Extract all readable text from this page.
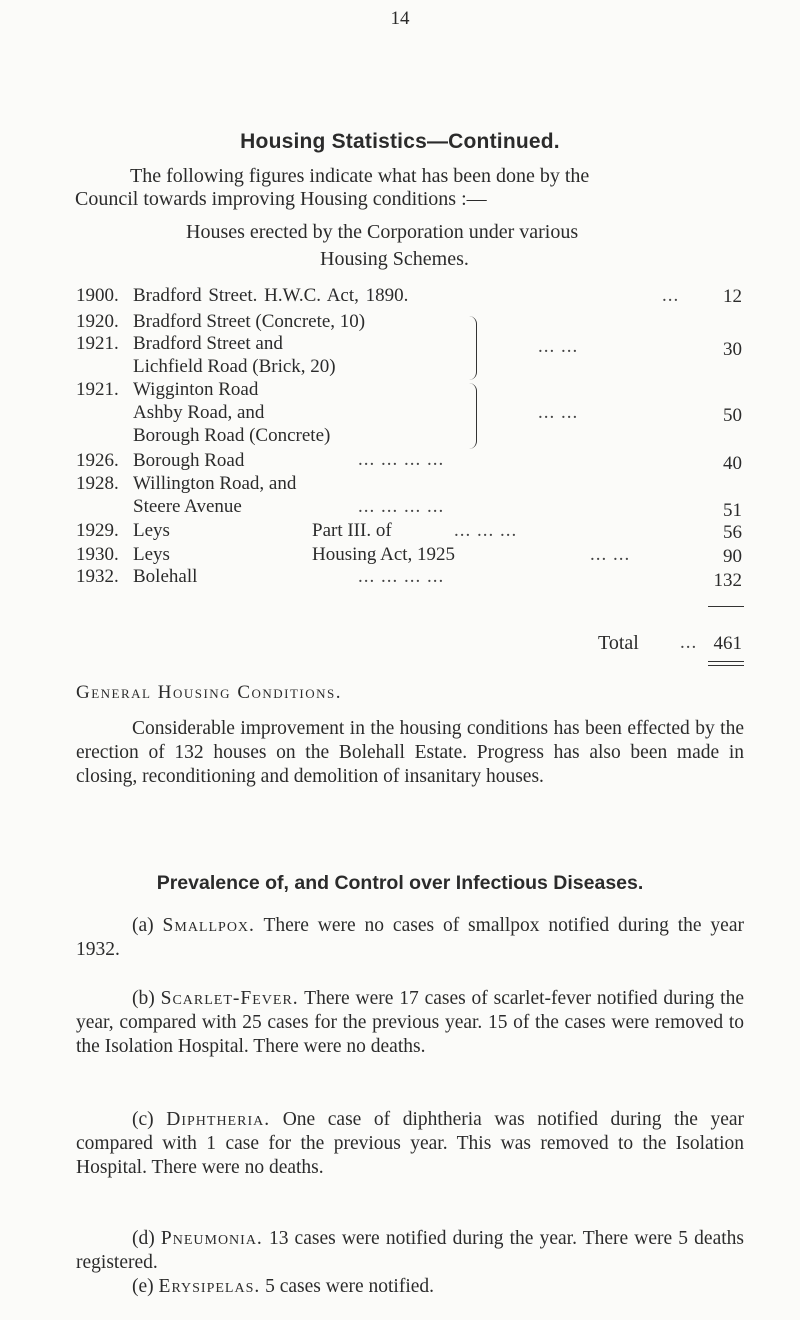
14
Housing Statistics—Continued.
The following figures indicate what has been done by the
Council towards improving Housing conditions :—
Houses erected by the Corporation under various
Housing Schemes.
1900. Bradford Street. H.W.C. Act, 1890.	...	12
1920. Bradford Street (Concrete, 10)
1921. Bradford Street and
Lichfield Road (Brick, 20)
... ...	30
1921. Wigginton Road
Ashby Road, and
Borough Road (Concrete)
... ...	50
1926. Borough Road	... ... ... ...	40
1928. Willington Road, and
Steere Avenue	... ... ... ...	51
1929. Leys	Part III. of	... ... ...	56
1930. Leys	Housing Act, 1925	... ...	90
1932. Bolehall	... ... ... ...	132
Total ... 461
General Housing Conditions.
Considerable improvement in the housing conditions has been effected by the erection of 132 houses on the Bolehall Estate. Progress has also been made in closing, reconditioning and demolition of insanitary houses.
Prevalence of, and Control over Infectious Diseases.
(a) Smallpox. There were no cases of smallpox notified during the year 1932.
(b) Scarlet-Fever. There were 17 cases of scarlet-fever notified during the year, compared with 25 cases for the previous year. 15 of the cases were removed to the Isolation Hospital. There were no deaths.
(c) Diphtheria. One case of diphtheria was notified during the year compared with 1 case for the previous year. This was removed to the Isolation Hospital. There were no deaths.
(d) Pneumonia. 13 cases were notified during the year. There were 5 deaths registered.
(e) Erysipelas. 5 cases were notified.
